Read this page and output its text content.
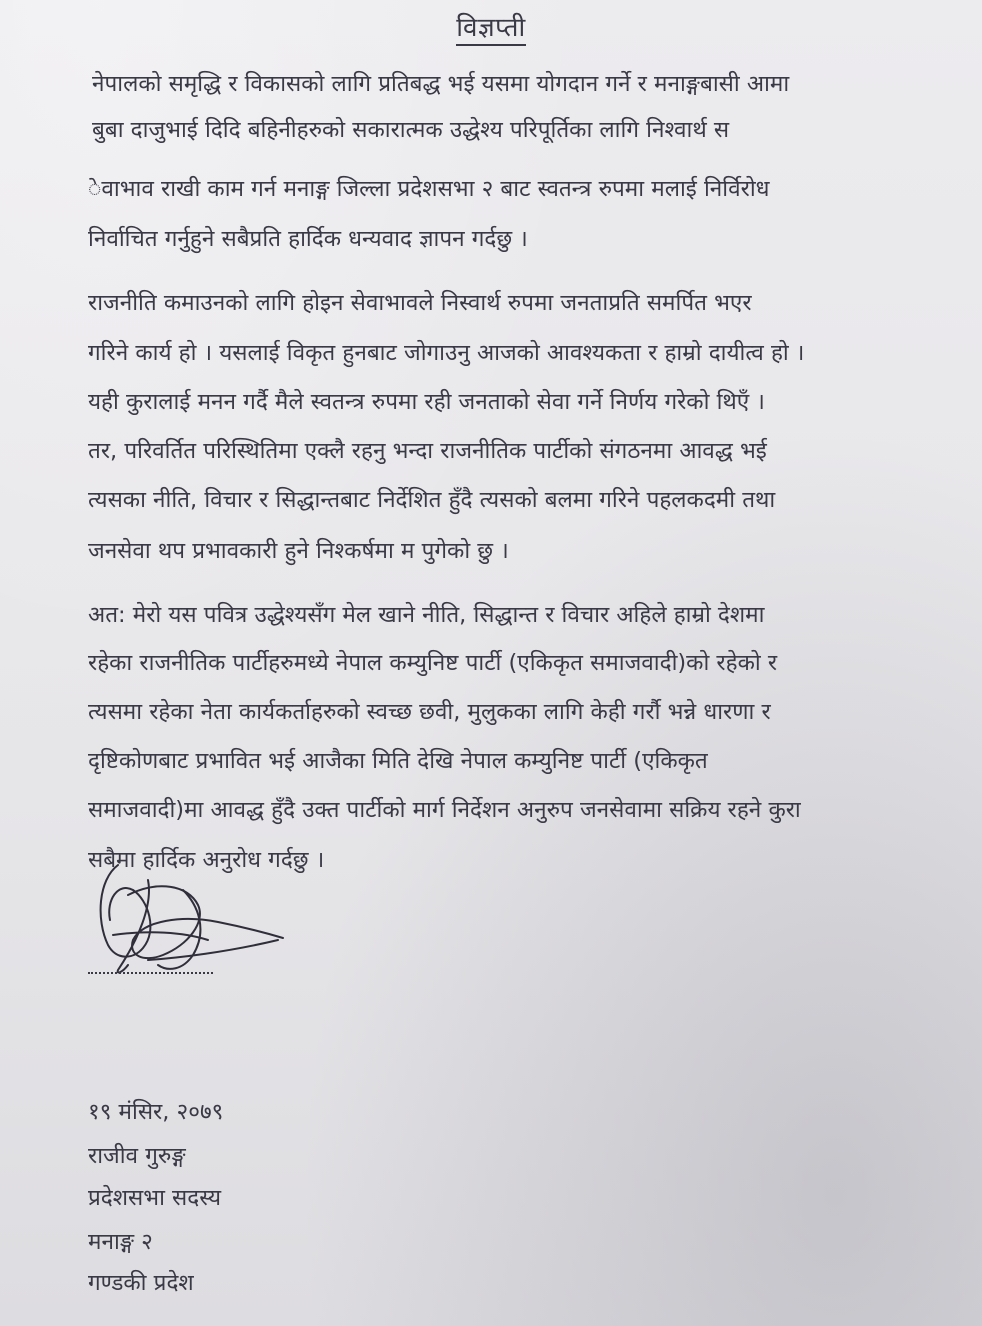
विज्ञप्ती
नेपालको समृद्धि र विकासको लागि प्रतिबद्ध भई यसमा योगदान गर्ने र मनाङ्गबासी आमा
बुबा दाजुभाई दिदि बहिनीहरुको सकारात्मक उद्धेश्य परिपूर्तिका लागि निश्वार्थ स
ेवाभाव राखी काम गर्न मनाङ्ग जिल्ला प्रदेशसभा २ बाट स्वतन्त्र रुपमा मलाई निर्विरोध
निर्वाचित गर्नुहुने सबैप्रति हार्दिक धन्यवाद ज्ञापन गर्दछु ।
राजनीति कमाउनको लागि होइन सेवाभावले निस्वार्थ रुपमा जनताप्रति समर्पित भएर
गरिने कार्य हो । यसलाई विकृत हुनबाट जोगाउनु आजको आवश्यकता र हाम्रो दायीत्व हो ।
यही कुरालाई मनन गर्दै मैले स्वतन्त्र रुपमा रही जनताको सेवा गर्ने निर्णय गरेको थिएँ ।
तर, परिवर्तित परिस्थितिमा एक्लै रहनु भन्दा राजनीतिक पार्टीको संगठनमा आवद्ध भई
त्यसका नीति, विचार र सिद्धान्तबाट निर्देशित हुँदै त्यसको बलमा गरिने पहलकदमी तथा
जनसेवा थप प्रभावकारी हुने निश्कर्षमा म पुगेको छु ।
अत: मेरो यस पवित्र उद्धेश्यसँग मेल खाने नीति, सिद्धान्त र विचार अहिले हाम्रो देशमा
रहेका राजनीतिक पार्टीहरुमध्ये नेपाल कम्युनिष्ट पार्टी (एकिकृत समाजवादी)को रहेको र
त्यसमा रहेका नेता कार्यकर्ताहरुको स्वच्छ छवी, मुलुकका लागि केही गर्रौ भन्ने धारणा र
दृष्टिकोणबाट प्रभावित भई आजैका मिति देखि नेपाल कम्युनिष्ट पार्टी (एकिकृत
समाजवादी)मा आवद्ध हुँदै उक्त पार्टीको मार्ग निर्देशन अनुरुप जनसेवामा सक्रिय रहने कुरा
सबैमा हार्दिक अनुरोध गर्दछु ।
१९ मंसिर, २०७९
राजीव गुरुङ्ग
प्रदेशसभा सदस्य
मनाङ्ग २
गण्डकी प्रदेश
